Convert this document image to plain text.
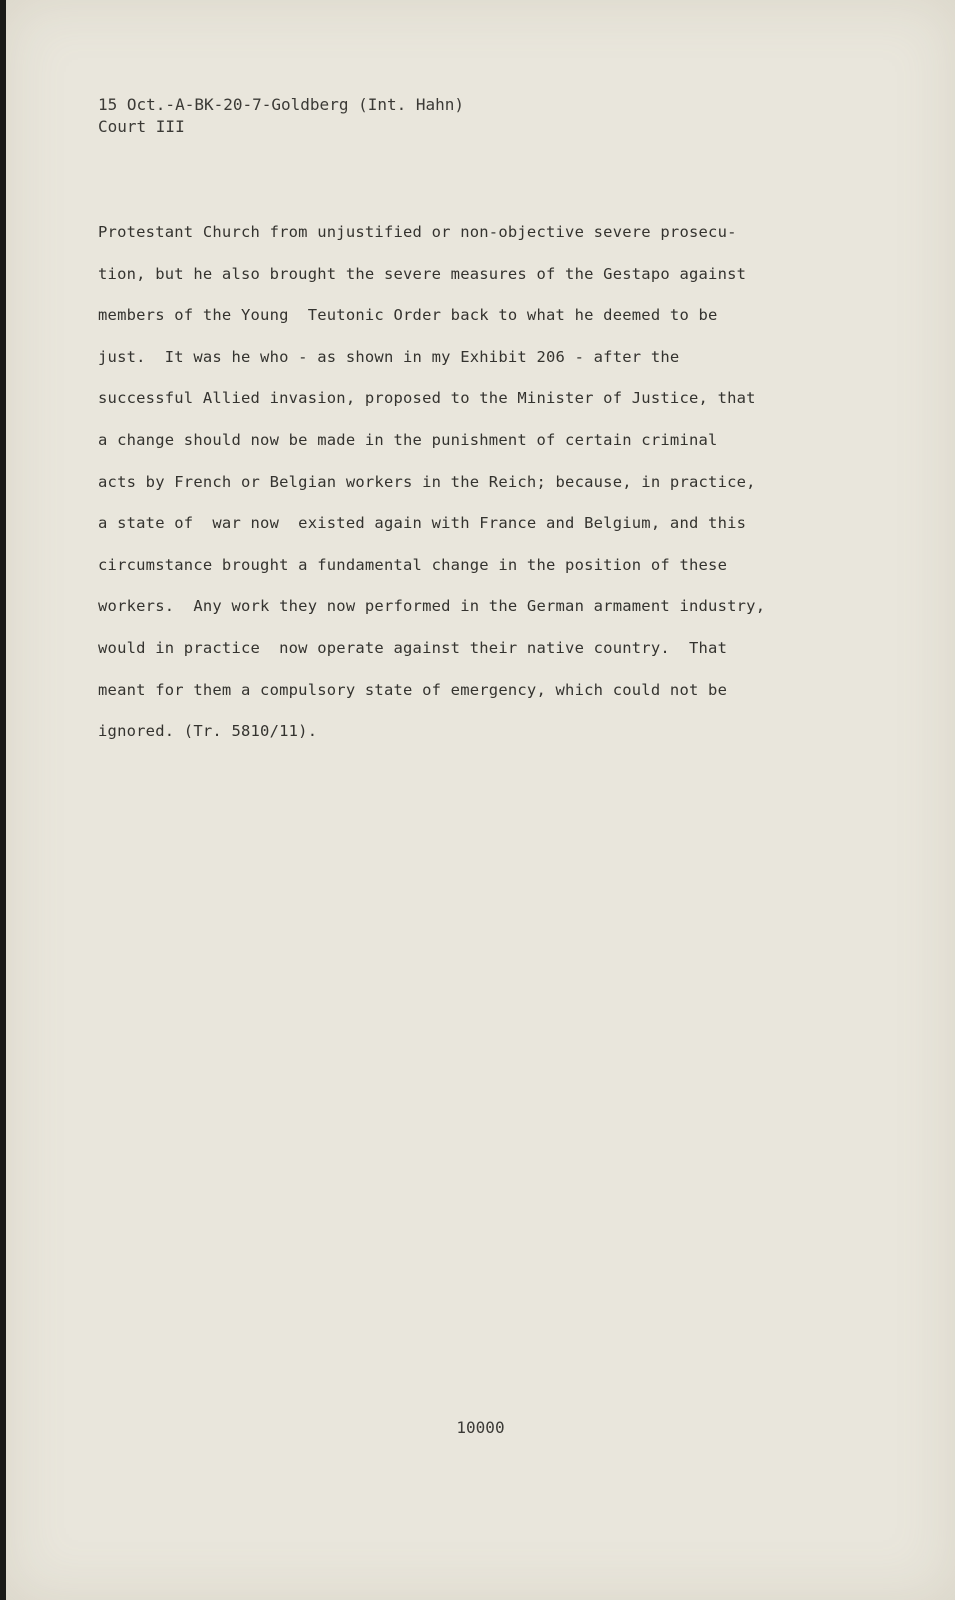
15 Oct.-A-BK-20-7-Goldberg (Int. Hahn)
Court III
Protestant Church from unjustified or non-objective severe prosecu-
tion, but he also brought the severe measures of the Gestapo against
members of the Young  Teutonic Order back to what he deemed to be
just.  It was he who - as shown in my Exhibit 206 - after the
successful Allied invasion, proposed to the Minister of Justice, that
a change should now be made in the punishment of certain criminal
acts by French or Belgian workers in the Reich; because, in practice,
a state of  war now  existed again with France and Belgium, and this
circumstance brought a fundamental change in the position of these
workers.  Any work they now performed in the German armament industry,
would in practice  now operate against their native country.  That
meant for them a compulsory state of emergency, which could not be
ignored. (Tr. 5810/11).
10000
